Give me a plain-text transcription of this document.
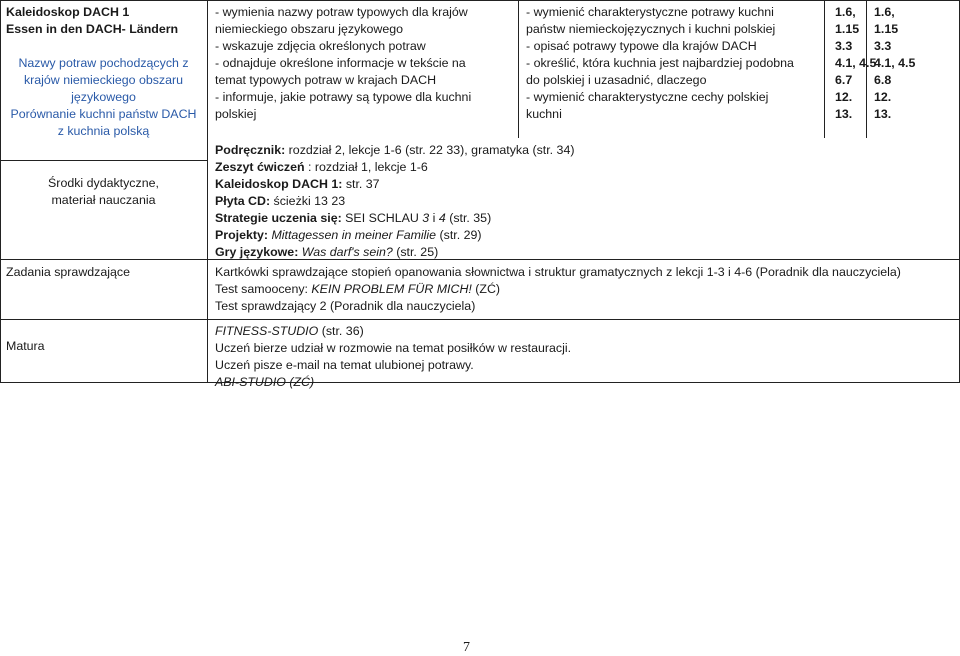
Kaleidoskop DACH 1
Essen in den DACH- Ländern
Nazwy potraw pochodzących z
krajów niemieckiego obszaru
językowego
Porównanie kuchni państw DACH
z kuchnia polską
Środki dydaktyczne,
materiał nauczania
Zadania sprawdzające
Matura
- wymienia nazwy potraw typowych dla krajów
niemieckiego obszaru językowego
- wskazuje zdjęcia określonych potraw
- odnajduje określone informacje w tekście na
temat typowych potraw w krajach DACH
- informuje, jakie potrawy są typowe dla kuchni
polskiej
- wymienić charakterystyczne potrawy kuchni
państw niemieckojęzycznych i kuchni polskiej
- opisać potrawy typowe dla krajów DACH
- określić, która kuchnia jest najbardziej podobna
do polskiej i uzasadnić, dlaczego
- wymienić charakterystyczne cechy polskiej
kuchni
1.6,
1.15
3.3
4.1, 4.5
6.7
12.
13.
1.6,
1.15
3.3
4.1, 4.5
6.8
12.
13.
Podręcznik: rozdział 2, lekcje 1-6 (str. 22 33), gramatyka (str. 34)
Zeszyt ćwiczeń : rozdział 1, lekcje 1-6
Kaleidoskop DACH 1: str. 37
Płyta CD: ścieżki 13 23
Strategie uczenia się: SEI SCHLAU 3 i 4 (str. 35)
Projekty: Mittagessen in meiner Familie (str. 29)
Gry językowe: Was darf's sein? (str. 25)
Kartkówki sprawdzające stopień opanowania słownictwa i struktur gramatycznych z lekcji 1-3 i 4-6 (Poradnik dla nauczyciela)
Test samooceny: KEIN PROBLEM FÜR MICH! (ZĆ)
Test sprawdzający 2 (Poradnik dla nauczyciela)
FITNESS-STUDIO (str. 36)
Uczeń bierze udział w rozmowie na temat posiłków w restauracji.
Uczeń pisze e-mail na temat ulubionej potrawy.
ABI-STUDIO (ZĆ)
7
